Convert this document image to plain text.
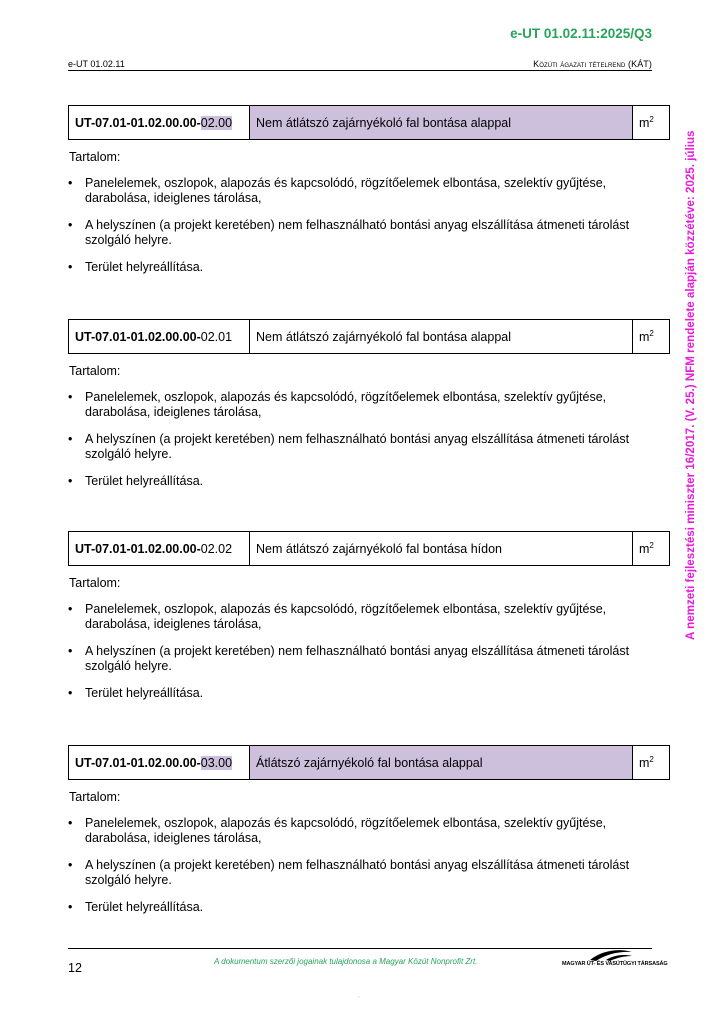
e-UT 01.02.11:2025/Q3
e-UT 01.02.11	Közúti ágazati tételrend (KÁT)
A nemzeti fejlesztési miniszter 16/2017. (V. 25.) NFM rendelete alapján közzétéve: 2025. július
UT-07.01-01.02.00.00-02.00	Nem átlátszó zajárnyékoló fal bontása alappal	$m^2$
Tartalom:
• Panelelemek, oszlopok, alapozás és kapcsolódó, rögzítőelemek elbontása, szelektív gyűjtése, darabolása, ideiglenes tárolása,
• A helyszínen (a projekt keretében) nem felhasználható bontási anyag elszállítása átmeneti tárolást szolgáló helyre.
• Terület helyreállítása.
UT-07.01-01.02.00.00-02.01	Nem átlátszó zajárnyékoló fal bontása alappal	$m^2$
Tartalom:
• Panelelemek, oszlopok, alapozás és kapcsolódó, rögzítőelemek elbontása, szelektív gyűjtése, darabolása, ideiglenes tárolása,
• A helyszínen (a projekt keretében) nem felhasználható bontási anyag elszállítása átmeneti tárolást szolgáló helyre.
• Terület helyreállítása.
UT-07.01-01.02.00.00-02.02	Nem átlátszó zajárnyékoló fal bontása hídon	$m^2$
Tartalom:
• Panelelemek, oszlopok, alapozás és kapcsolódó, rögzítőelemek elbontása, szelektív gyűjtése, darabolása, ideiglenes tárolása,
• A helyszínen (a projekt keretében) nem felhasználható bontási anyag elszállítása átmeneti tárolást szolgáló helyre.
• Terület helyreállítása.
UT-07.01-01.02.00.00-03.00	Átlátszó zajárnyékoló fal bontása alappal	$m^2$
Tartalom:
• Panelelemek, oszlopok, alapozás és kapcsolódó, rögzítőelemek elbontása, szelektív gyűjtése, darabolása, ideiglenes tárolása,
• A helyszínen (a projekt keretében) nem felhasználható bontási anyag elszállítása átmeneti tárolást szolgáló helyre.
• Terület helyreállítása.
12	A dokumentum szerzői jogainak tulajdonosa a Magyar Közút Nonprofit Zrt.	MAGYAR ÚT- ÉS VASÚTÜGYI TÁRSASÁG
·
